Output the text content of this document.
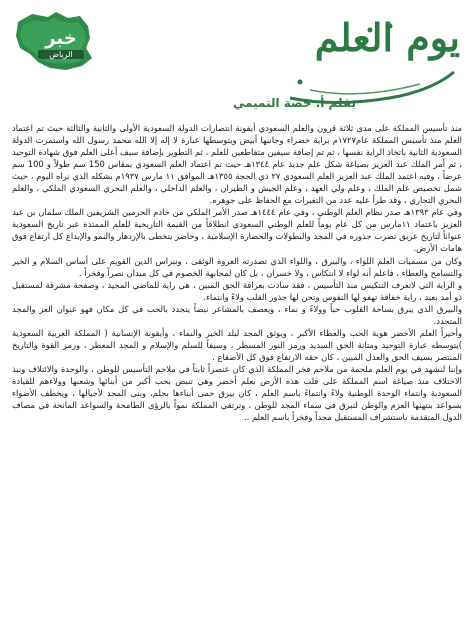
خبر
الرياض
KHBRRIYADH.COM
يوم العلم
بقلم أ. حصة التميمي

منذ تأسيس المملكة على مدى ثلاثة قرون والعلم السعودي أيقونة انتصارات الدولة السعودية الأولى والثانية والثالثة حيث تم اعتماد العلم منذ تأسيس المملكة عام١٧٢٧م براية خضراء وجانبها أبيض ويتوسطها عبارة لا إله إلا الله محمد رسول الله واستمرت الدولة السعودية الثانية باتخاذ الراية نفسها ، ثم تم إضافة سيفين متقاطعين للعلم ، ثم التطوير بإضافة سيف أعلى العلم فوق شهادة التوحيد ، ثم أمر الملك عبد العزيز بصياغة شكل علم جديد عام ١٣٤٤هـ حيث تم اعتماد العلم السعودي بمقاس 150 سم طولاً و 100 سم عرضاً ، وفيه اعتمد الملك عبد العزيز العلم السعودي ٢٧ ذي الحجة ١٣٥٥هـ الموافق ١١ مارس ١٩٣٧م بشكله الذي نراه اليوم ، حيث شمل تخصيص علم الملك ، وعلم ولي العهد ، وعلم الجيش و الطيران ، والعلم الداخلي ، والعلم البحري السعودي الملكي ، والعلم البحري التجاري ، وقد طرأ عليه عدد من التغيرات مع الحفاظ على جوهره.

وفي عام ١٣٩٣هـ صدر نظام العلم الوطني ، وفي عام ١٤٤٤هـ صدر الأمر الملكي من خادم الحرمين الشريفين الملك سلمان بن عبد العزيز باعتماد ١١مارس من كل عام يوماً للعلم الوطني السعودي انطلاقاً من القيمة التاريخية للعلم الممتدة عبر تاريخ السعودية عنواناً لتاريخ عريق تضرب جذوره في المجد والبطولات والحضارة الإسلامية ، وحاضر يتخطى بالإزدهار والنمو والإبداع كل ارتفاع فوق هامات الأرض.

وكان من مسميات العلم اللواء ، والبيرق ، واللواء الذي تصدرته العروة الوثقى ، ونبراس الدين القويم على أساس السلام و الخير والتسامح والعطاء ، فاعلم أنه لواء لا انتكاس ، ولا خسران ، بل كان لمجابهة الخصوم في كل ميدان نصراً وفخراً .

و الراية التي لاتعرف التنكيس منذ التأسيس ، فقد سادت بعراقة الحق المبين ، هي راية للماضي المجيد ، وصفحة مشرقة لمستقبل ذو أمد بعيد ، راية خفاقة تهفو لها النفوس وتحن لها جذور القلب ولاءً وانتماء.

والبيرق الذي يبرق بساحة القلوب حباً وولاءً و نماء ، ويعصف بالمشاعر نبضاً يتجدد بالحب في كل مكان فهو عنوان العز والمجد المتجدد.

وأخيراً العلم الأخضر هوية الحب والعطاء الأكبر ، ويوثق المجد لبلد الخير والنماء ، وأيقونة الإنسانية ( المملكة العربية السعودية )يتوسطه عبارة التوحيد ومتانة الحق السديد ورمز النور المسطر ، وسيفاً للسلم والإسلام و المجد المعطر ، ورمز القوة والتاريخ المنتصر بسيف الحق والعدل المبين ، كان حقه الارتفاع فوق كل الأصقاع .

وإننا لنشهد في يوم العلم ملحمة من ملاحم فخر المملكة الذي كان عنصراً ثابتاً في ملاحم التأسيس للوطن ، والوحدة والائتلاف ونبذ الاختلاف منذ صياغة اسم المملكة على قلب هذه الأرض بعلم أخضر وهي تنبض بحب أكبر من أبنائها وشعبها وولاءهم للقيادة السعودية وانتماء الوحدة الوطنية ولاءً وانتماءً باسم العلم ، كان بيرق حمى أبناءها بجلم، وبنى المجد لأجيالها ، ويخطف الأضواء بسواعد بنتهنها العزم والوطن لتبرق في سماء المجد للوطن ، وترتقي المملكة نمواً بالرؤى الطامحة والسواعد المانحة في مصاف الدول المتقدمة باستشراف المستقبل مجداً وفخراً باسم العلم ..
